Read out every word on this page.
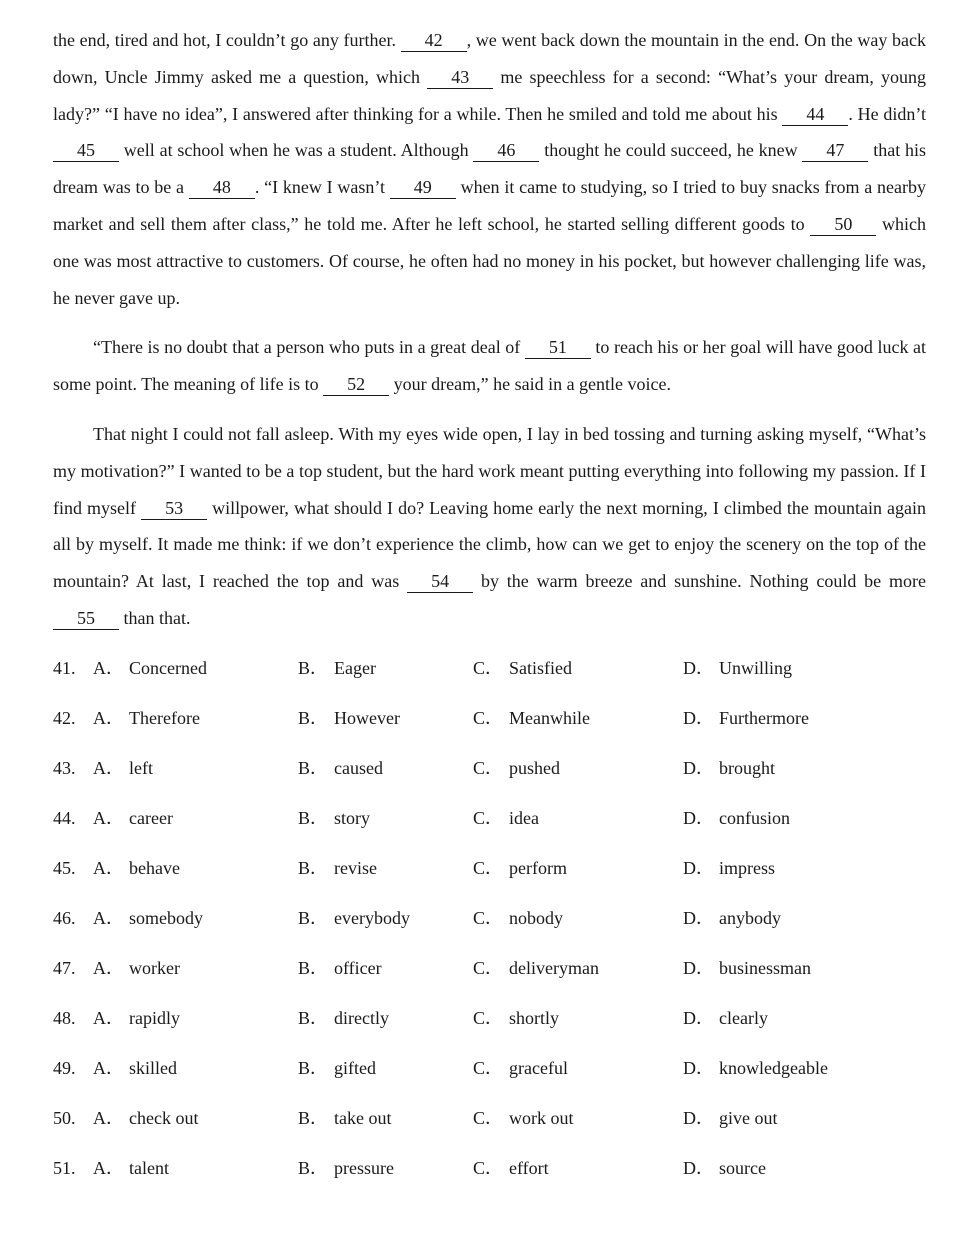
the end, tired and hot, I couldn’t go any further. 42 , we went back down the mountain in the end. On the way back down, Uncle Jimmy asked me a question, which 43 me speechless for a second: “What’s your dream, young lady?” “I have no idea”, I answered after thinking for a while. Then he smiled and told me about his 44 . He didn’t 45 well at school when he was a student. Although 46 thought he could succeed, he knew 47 that his dream was to be a 48 . “I knew I wasn’t 49 when it came to studying, so I tried to buy snacks from a nearby market and sell them after class,” he told me. After he left school, he started selling different goods to 50 which one was most attractive to customers. Of course, he often had no money in his pocket, but however challenging life was, he never gave up.

“There is no doubt that a person who puts in a great deal of 51 to reach his or her goal will have good luck at some point. The meaning of life is to 52 your dream,” he said in a gentle voice.

That night I could not fall asleep. With my eyes wide open, I lay in bed tossing and turning asking myself, “What’s my motivation?” I wanted to be a top student, but the hard work meant putting everything into following my passion. If I find myself 53 willpower, what should I do? Leaving home early the next morning, I climbed the mountain again all by myself. It made me think: if we don’t experience the climb, how can we get to enjoy the scenery on the top of the mountain? At last, I reached the top and was 54 by the warm breeze and sunshine. Nothing could be more 55 than that.

41. A． Concerned	B． Eager	C． Satisfied	D． Unwilling
42. A． Therefore	B． However	C． Meanwhile	D． Furthermore
43. A． left	B． caused	C． pushed	D． brought
44. A． career	B． story	C． idea	D． confusion
45. A． behave	B． revise	C． perform	D． impress
46. A． somebody	B． everybody	C． nobody	D． anybody
47. A． worker	B． officer	C． deliveryman	D． businessman
48. A． rapidly	B． directly	C． shortly	D． clearly
49. A． skilled	B． gifted	C． graceful	D． knowledgeable
50. A． check out	B． take out	C． work out	D． give out
51. A． talent	B． pressure	C． effort	D． source
